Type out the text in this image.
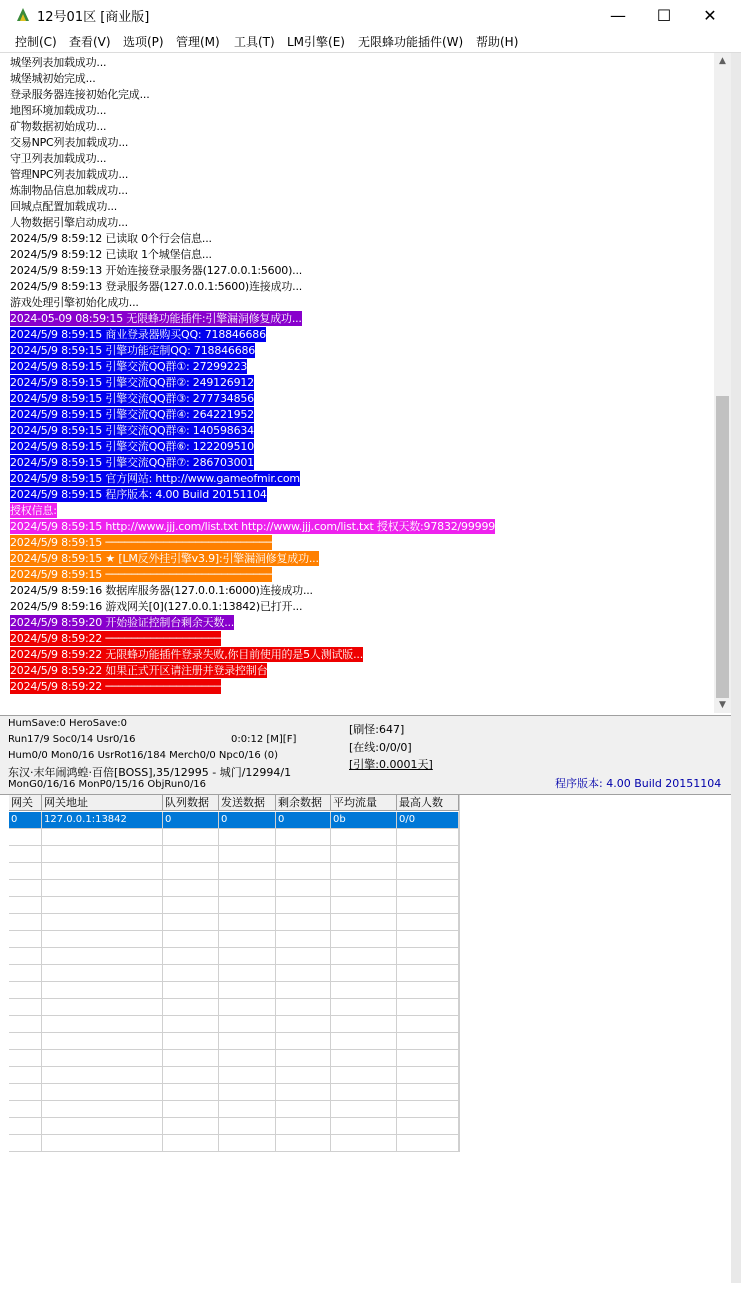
12号01区 [商业版]	—	☐	✕
控制(C) 查看(V) 选项(P) 管理(M) 工具(T) LM引擎(E) 无限蜂功能插件(W) 帮助(H)
城堡列表加载成功...
城堡城初始完成...
登录服务器连接初始化完成...
地图环境加载成功...
矿物数据初始成功...
交易NPC列表加载成功...
守卫列表加载成功...
管理NPC列表加载成功...
炼制物品信息加载成功...
回城点配置加载成功...
人物数据引擎启动成功...
2024/5/9 8:59:12 已读取 0个行会信息...
2024/5/9 8:59:12 已读取 1个城堡信息...
2024/5/9 8:59:13 开始连接登录服务器(127.0.0.1:5600)...
2024/5/9 8:59:13 登录服务器(127.0.0.1:5600)连接成功...
游戏处理引擎初始化成功...
2024-05-09 08:59:15 无限蜂功能插件:引擎漏洞修复成功...
2024/5/9 8:59:15 商业登录器购买QQ: 718846686
2024/5/9 8:59:15 引擎功能定制QQ: 718846686
2024/5/9 8:59:15 引擎交流QQ群①: 27299223
2024/5/9 8:59:15 引擎交流QQ群②: 249126912
2024/5/9 8:59:15 引擎交流QQ群③: 277734856
2024/5/9 8:59:15 引擎交流QQ群④: 264221952
2024/5/9 8:59:15 引擎交流QQ群④: 140598634
2024/5/9 8:59:15 引擎交流QQ群⑥: 122209510
2024/5/9 8:59:15 引擎交流QQ群⑦: 286703001
2024/5/9 8:59:15 官方网站: http://www.gameofmir.com
2024/5/9 8:59:15 程序版本: 4.00 Build 20151104
授权信息:
2024/5/9 8:59:15 http://www.jjj.com/list.txt http://www.jjj.com/list.txt 授权天数:97832/99999
2024/5/9 8:59:15 ──────────────────────────
2024/5/9 8:59:15 ★ [LM反外挂引擎v3.9]:引擎漏洞修复成功...
2024/5/9 8:59:15 ──────────────────────────
2024/5/9 8:59:16 数据库服务器(127.0.0.1:6000)连接成功...
2024/5/9 8:59:16 游戏网关[0](127.0.0.1:13842)已打开...
2024/5/9 8:59:20 开始验证控制台剩余天数...
2024/5/9 8:59:22 ──────────────────
2024/5/9 8:59:22 无限蜂功能插件登录失败,你目前使用的是5人测试版...
2024/5/9 8:59:22 如果正式开区请注册并登录控制台
2024/5/9 8:59:22 ──────────────────
▲
▼
HumSave:0 HeroSave:0
Run17/9 Soc0/14 Usr0/16	0:0:12 [M][F]
Hum0/0 Mon0/16 UsrRot16/184 Merch0/0 Npc0/16 (0)
东汉·末年闹鸿蝗·百倍[BOSS],35/12995 - 城门/12994/1
MonG0/16/16 MonP0/15/16 ObjRun0/16
[刷怪:647]
[在线:0/0/0]
[引擎:0.0001天]
程序版本: 4.00 Build 20151104
网关	网关地址	队列数据	发送数据	剩余数据	平均流量	最高人数
0	127.0.0.1:13842	0	0	0	0b	0/0
